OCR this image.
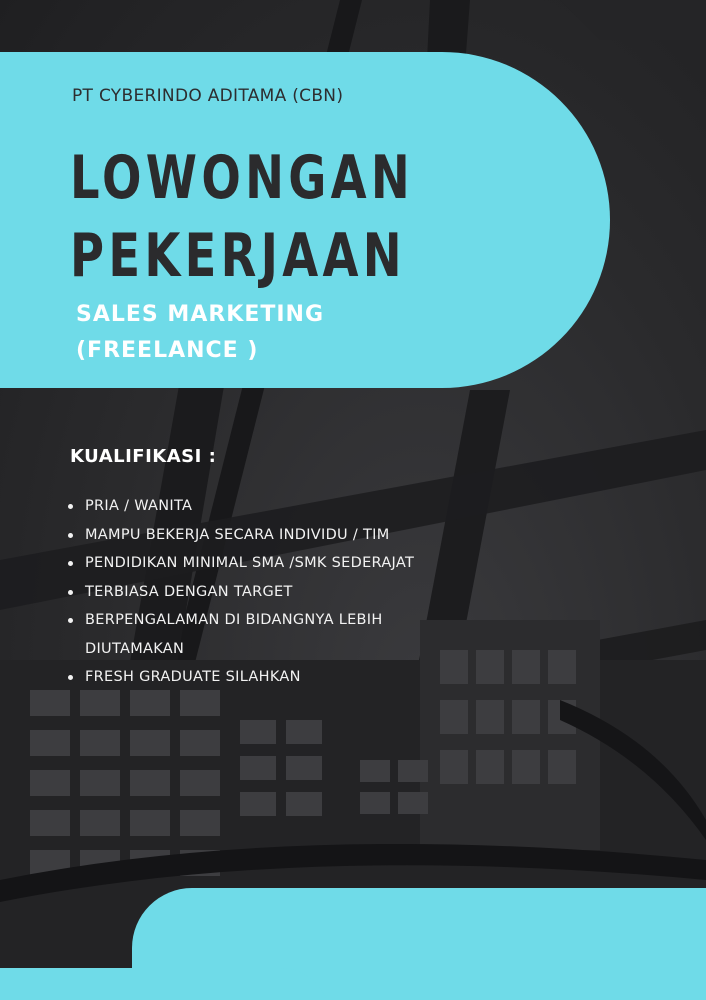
PT CYBERINDO ADITAMA (CBN)
LOWONGAN
PEKERJAAN
SALES MARKETING
(FREELANCE )
KUALIFIKASI :
PRIA / WANITA
MAMPU BEKERJA SECARA INDIVIDU / TIM
PENDIDIKAN MINIMAL SMA /SMK SEDERAJAT
TERBIASA DENGAN TARGET
BERPENGALAMAN DI BIDANGNYA LEBIH DIUTAMAKAN
FRESH GRADUATE SILAHKAN
